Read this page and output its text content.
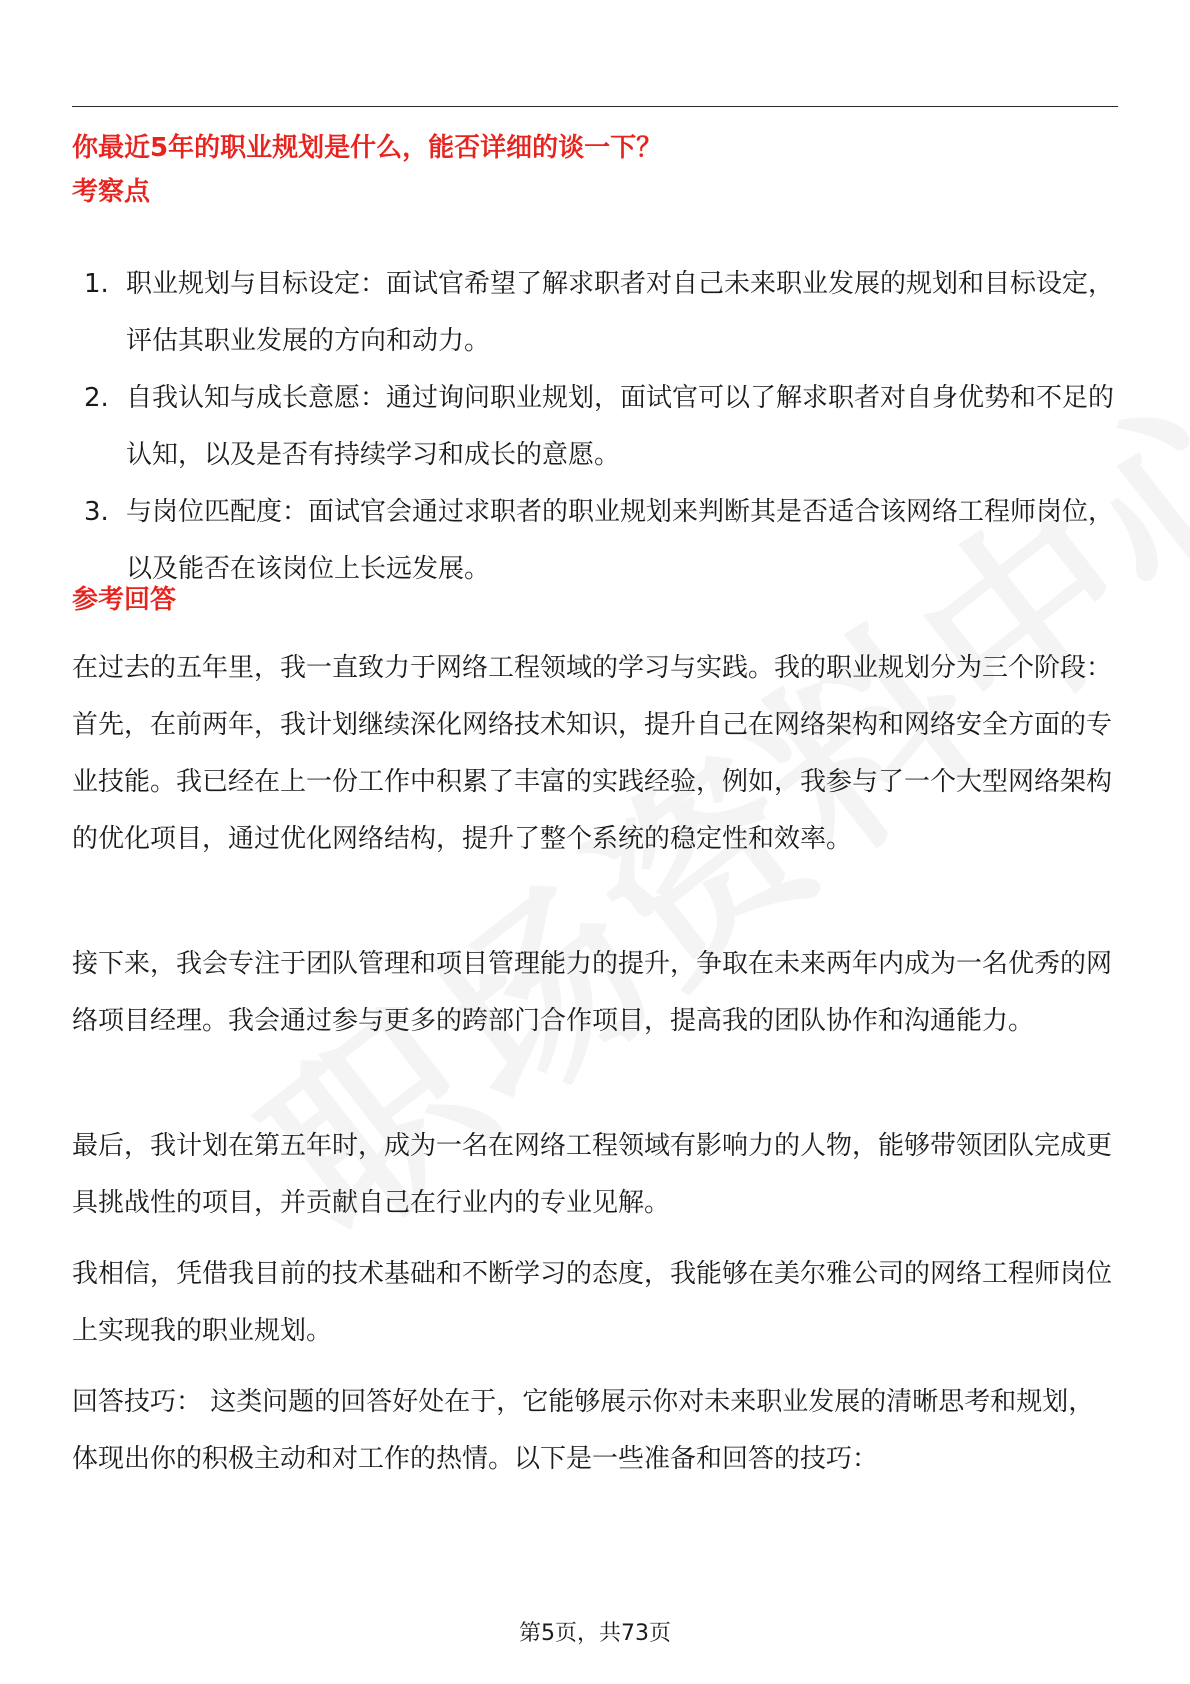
你最近5年的职业规划是什么，能否详细的谈一下？
考察点
1. 职业规划与目标设定：面试官希望了解求职者对自己未来职业发展的规划和目标设定，评估其职业发展的方向和动力。
2. 自我认知与成长意愿：通过询问职业规划，面试官可以了解求职者对自身优势和不足的认知，以及是否有持续学习和成长的意愿。
3. 与岗位匹配度：面试官会通过求职者的职业规划来判断其是否适合该网络工程师岗位，以及能否在该岗位上长远发展。
参考回答

在过去的五年里，我一直致力于网络工程领域的学习与实践。我的职业规划分为三个阶段：首先，在前两年，我计划继续深化网络技术知识，提升自己在网络架构和网络安全方面的专业技能。我已经在上一份工作中积累了丰富的实践经验，例如，我参与了一个大型网络架构的优化项目，通过优化网络结构，提升了整个系统的稳定性和效率。

接下来，我会专注于团队管理和项目管理能力的提升，争取在未来两年内成为一名优秀的网络项目经理。我会通过参与更多的跨部门合作项目，提高我的团队协作和沟通能力。

最后，我计划在第五年时，成为一名在网络工程领域有影响力的人物，能够带领团队完成更具挑战性的项目，并贡献自己在行业内的专业见解。

我相信，凭借我目前的技术基础和不断学习的态度，我能够在美尔雅公司的网络工程师岗位上实现我的职业规划。

回答技巧： 这类问题的回答好处在于，它能够展示你对未来职业发展的清晰思考和规划，体现出你的积极主动和对工作的热情。以下是一些准备和回答的技巧：

第5页，共73页
